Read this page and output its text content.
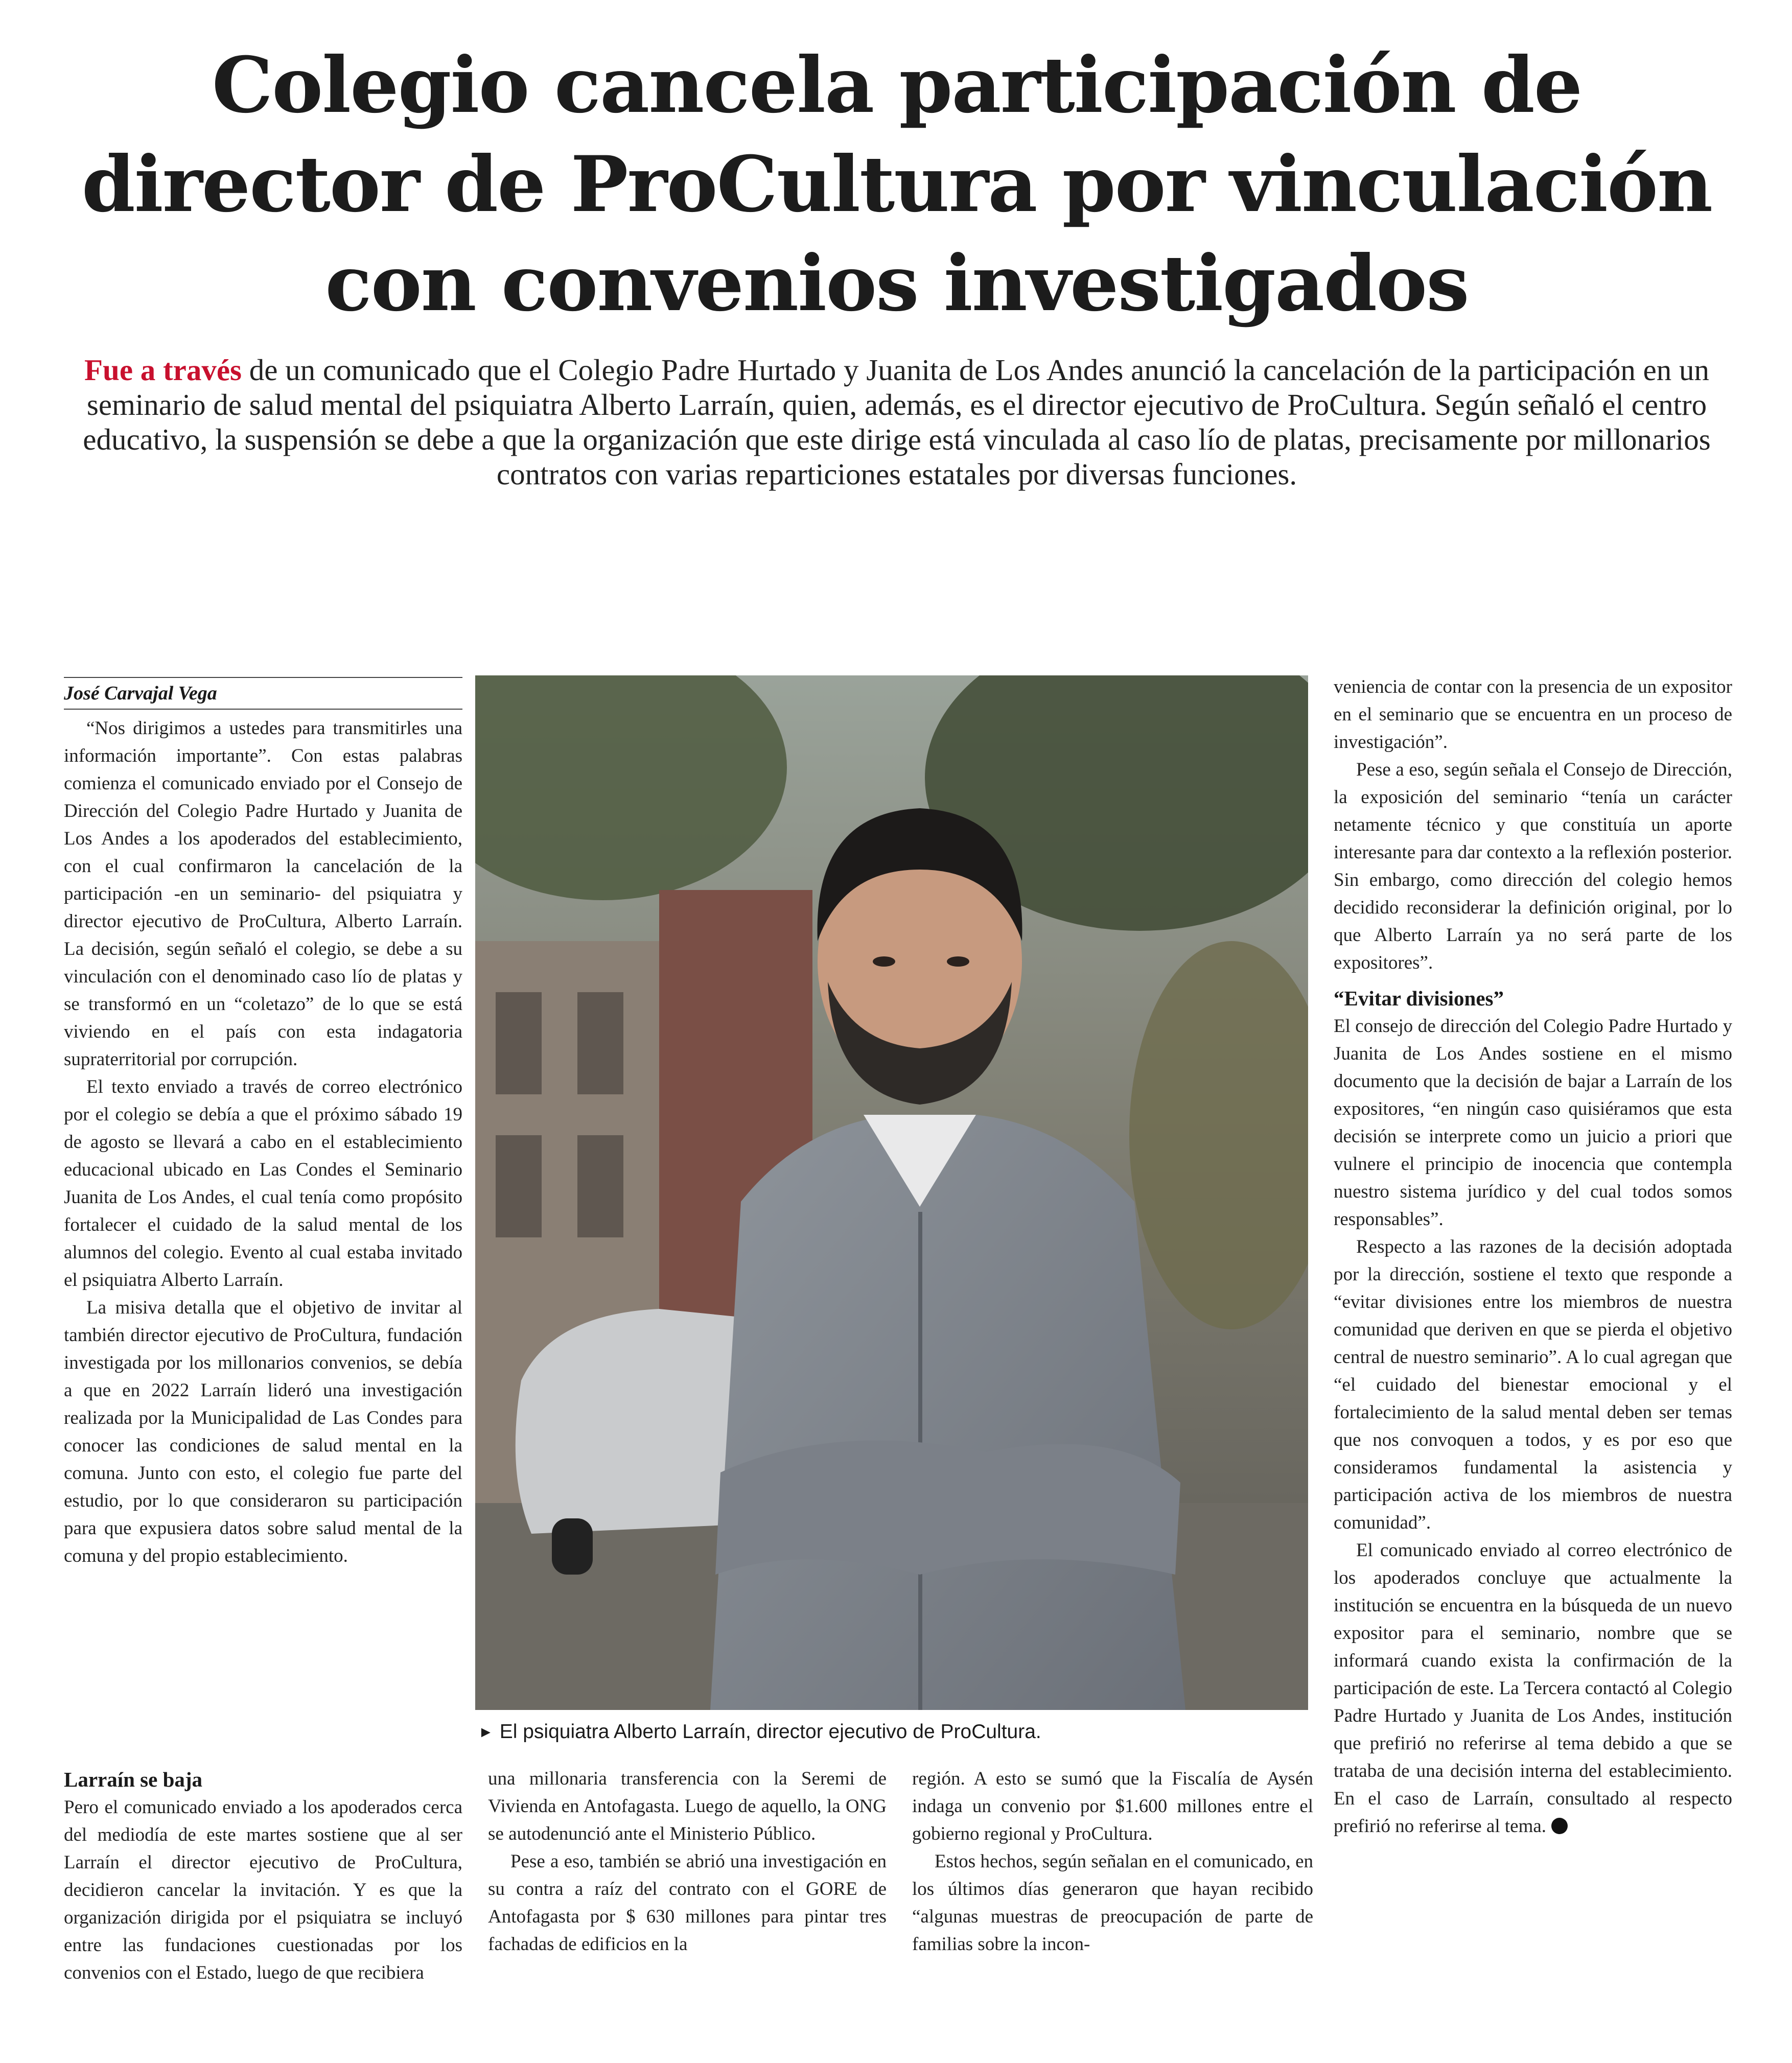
Colegio cancela participación de director de ProCultura por vinculación con convenios investigados

Fue a través de un comunicado que el Colegio Padre Hurtado y Juanita de Los Andes anunció la cancelación de la participación en un seminario de salud mental del psiquiatra Alberto Larraín, quien, además, es el director ejecutivo de ProCultura. Según señaló el centro educativo, la suspensión se debe a que la organización que este dirige está vinculada al caso lío de platas, precisamente por millonarios contratos con varias reparticiones estatales por diversas funciones.

José Carvajal Vega

“Nos dirigimos a ustedes para transmitirles una información importante”. Con estas palabras comienza el comunicado enviado por el Consejo de Dirección del Colegio Padre Hurtado y Juanita de Los Andes a los apoderados del establecimiento, con el cual confirmaron la cancelación de la participación -en un seminario- del psiquiatra y director ejecutivo de ProCultura, Alberto Larraín. La decisión, según señaló el colegio, se debe a su vinculación con el denominado caso lío de platas y se transformó en un “coletazo” de lo que se está viviendo en el país con esta indagatoria supraterritorial por corrupción.

El texto enviado a través de correo electrónico por el colegio se debía a que el próximo sábado 19 de agosto se llevará a cabo en el establecimiento educacional ubicado en Las Condes el Seminario Juanita de Los Andes, el cual tenía como propósito fortalecer el cuidado de la salud mental de los alumnos del colegio. Evento al cual estaba invitado el psiquiatra Alberto Larraín.

La misiva detalla que el objetivo de invitar al también director ejecutivo de ProCultura, fundación investigada por los millonarios convenios, se debía a que en 2022 Larraín lideró una investigación realizada por la Municipalidad de Las Condes para conocer las condiciones de salud mental en la comuna. Junto con esto, el colegio fue parte del estudio, por lo que consideraron su participación para que expusiera datos sobre salud mental de la comuna y del propio establecimiento.

► El psiquiatra Alberto Larraín, director ejecutivo de ProCultura.
Larraín se baja

Pero el comunicado enviado a los apoderados cerca del mediodía de este martes sostiene que al ser Larraín el director ejecutivo de ProCultura, decidieron cancelar la invitación. Y es que la organización dirigida por el psiquiatra se incluyó entre las fundaciones cuestionadas por los convenios con el Estado, luego de que recibiera

una millonaria transferencia con la Seremi de Vivienda en Antofagasta. Luego de aquello, la ONG se autodenunció ante el Ministerio Público.

Pese a eso, también se abrió una investigación en su contra a raíz del contrato con el GORE de Antofagasta por $ 630 millones para pintar tres fachadas de edificios en la

región. A esto se sumó que la Fiscalía de Aysén indaga un convenio por $1.600 millones entre el gobierno regional y ProCultura.

Estos hechos, según señalan en el comunicado, en los últimos días generaron que hayan recibido “algunas muestras de preocupación de parte de familias sobre la incon-

veniencia de contar con la presencia de un expositor en el seminario que se encuentra en un proceso de investigación”.

Pese a eso, según señala el Consejo de Dirección, la exposición del seminario “tenía un carácter netamente técnico y que constituía un aporte interesante para dar contexto a la reflexión posterior. Sin embargo, como dirección del colegio hemos decidido reconsiderar la definición original, por lo que Alberto Larraín ya no será parte de los expositores”.

“Evitar divisiones”

El consejo de dirección del Colegio Padre Hurtado y Juanita de Los Andes sostiene en el mismo documento que la decisión de bajar a Larraín de los expositores, “en ningún caso quisiéramos que esta decisión se interprete como un juicio a priori que vulnere el principio de inocencia que contempla nuestro sistema jurídico y del cual todos somos responsables”.

Respecto a las razones de la decisión adoptada por la dirección, sostiene el texto que responde a “evitar divisiones entre los miembros de nuestra comunidad que deriven en que se pierda el objetivo central de nuestro seminario”. A lo cual agregan que “el cuidado del bienestar emocional y el fortalecimiento de la salud mental deben ser temas que nos convoquen a todos, y es por eso que consideramos fundamental la asistencia y participación activa de los miembros de nuestra comunidad”.

El comunicado enviado al correo electrónico de los apoderados concluye que actualmente la institución se encuentra en la búsqueda de un nuevo expositor para el seminario, nombre que se informará cuando exista la confirmación de la participación de este. La Tercera contactó al Colegio Padre Hurtado y Juanita de Los Andes, institución que prefirió no referirse al tema debido a que se trataba de una decisión interna del establecimiento. En el caso de Larraín, consultado al respecto prefirió no referirse al tema.
